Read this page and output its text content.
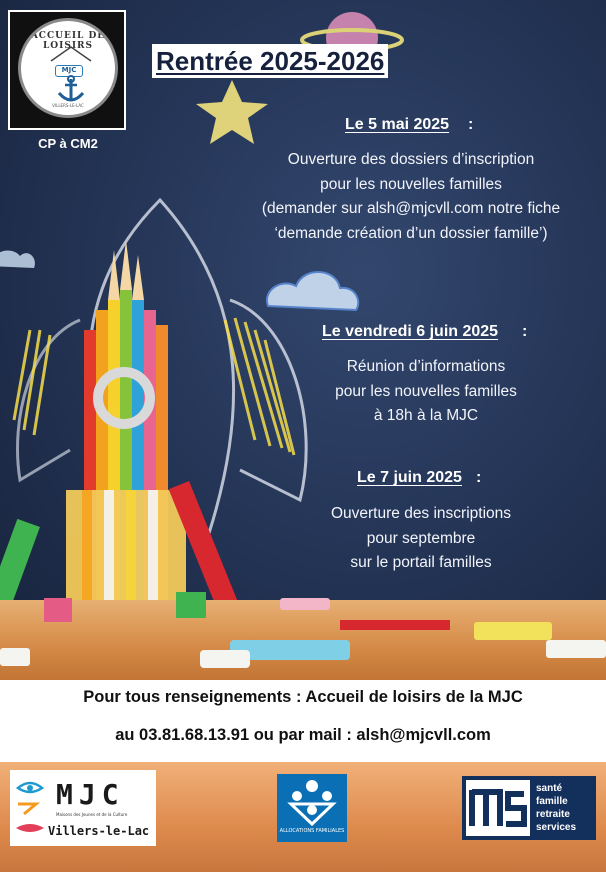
ACCUEIL DE LOISIRS
MJC
VILLERS-LE-LAC
CP à CM2
Rentrée 2025-2026
Le 5 mai 2025 :
Ouverture des dossiers d’inscription
pour les nouvelles familles
(demander sur alsh@mjcvll.com notre fiche
‘demande création d’un dossier famille’)
Le vendredi 6 juin 2025 :
Réunion d’informations
pour les nouvelles familles
à 18h à la MJC
Le 7 juin 2025 :
Ouverture des inscriptions
pour septembre
sur le portail familles
Pour tous renseignements : Accueil de loisirs de la MJC
au 03.81.68.13.91 ou par mail : alsh@mjcvll.com
MJC
Maisons des Jeunes et de la Culture
Villers-le-Lac	ALLOCATIONS FAMILIALES
santé
famille
retraite
services
